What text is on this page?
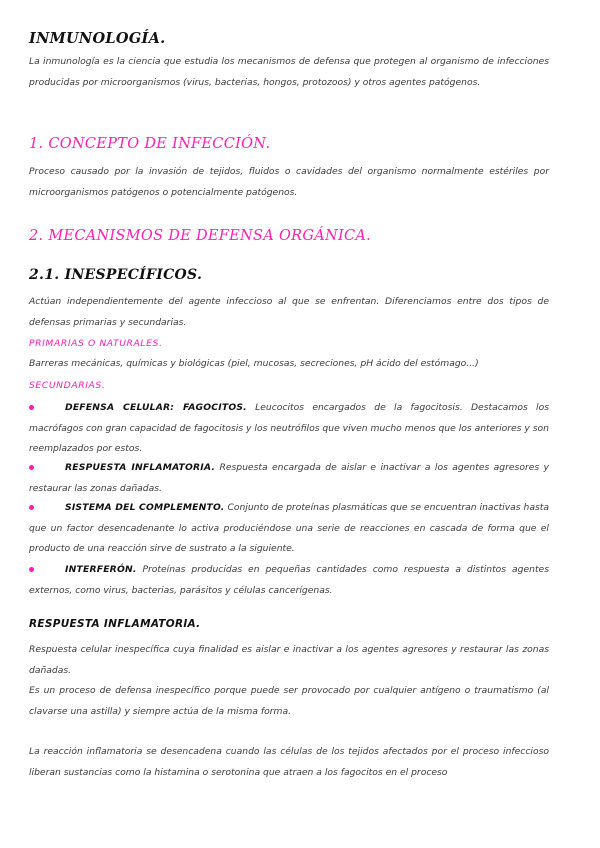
INMUNOLOGÍA.
La inmunología es la ciencia que estudia los mecanismos de defensa que protegen al organismo de infecciones producidas por microorganismos (virus, bacterias, hongos, protozoos) y otros agentes patógenos.
1. CONCEPTO DE INFECCIÓN.
Proceso causado por la invasión de tejidos, fluidos o cavidades del organismo normalmente estériles por microorganismos patógenos o potencialmente patógenos.
2. MECANISMOS DE DEFENSA ORGÁNICA.
2.1. INESPECÍFICOS.
Actúan independientemente del agente infeccioso al que se enfrentan. Diferenciamos entre dos tipos de defensas primarias y secundarias.
PRIMARIAS O NATURALES.
Barreras mecánicas, químicas y biológicas (piel, mucosas, secreciones, pH ácido del estómago...)
SECUNDARIAS.
DEFENSA CELULAR: FAGOCITOS. Leucocitos encargados de la fagocitosis. Destacamos los macrófagos con gran capacidad de fagocitosis y los neutrófilos que viven mucho menos que los anteriores y son reemplazados por estos.
RESPUESTA INFLAMATORIA. Respuesta encargada de aislar e inactivar a los agentes agresores y restaurar las zonas dañadas.
SISTEMA DEL COMPLEMENTO. Conjunto de proteínas plasmáticas que se encuentran inactivas hasta que un factor desencadenante lo activa produciéndose una serie de reacciones en cascada de forma que el producto de una reacción sirve de sustrato a la siguiente.
INTERFERÓN. Proteínas producidas en pequeñas cantidades como respuesta a distintos agentes externos, como virus, bacterias, parásitos y células cancerígenas.
RESPUESTA INFLAMATORIA.
Respuesta celular inespecífica cuya finalidad es aislar e inactivar a los agentes agresores y restaurar las zonas dañadas.
Es un proceso de defensa inespecífico porque puede ser provocado por cualquier antígeno o traumatismo (al clavarse una astilla) y siempre actúa de la misma forma.
La reacción inflamatoria se desencadena cuando las células de los tejidos afectados por el proceso infeccioso liberan sustancias como la histamina o serotonina que atraen a los fagocitos en el proceso
